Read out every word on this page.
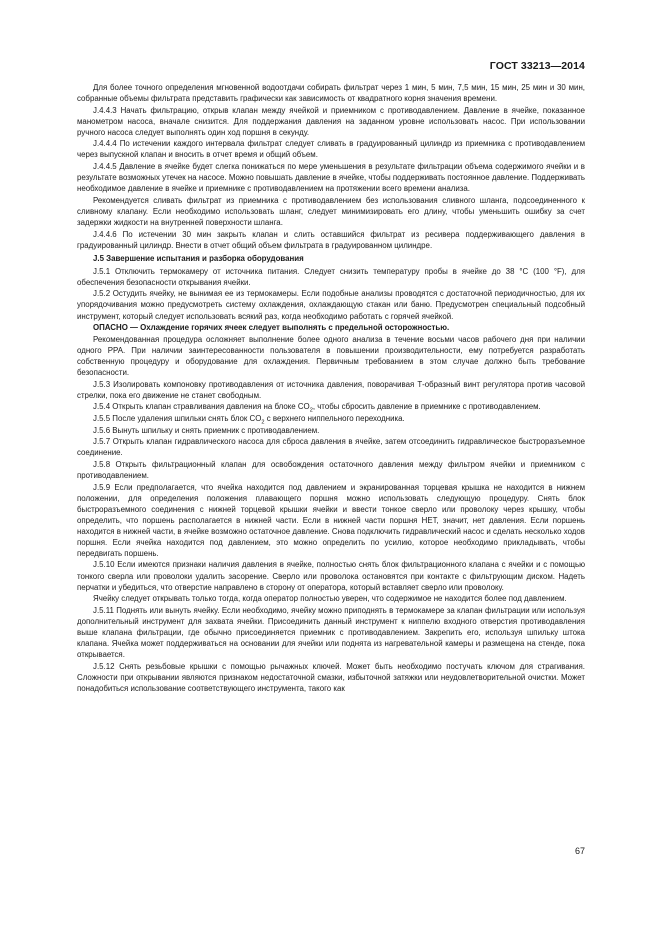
ГОСТ 33213—2014

Для более точного определения мгновенной водоотдачи собирать фильтрат через 1 мин, 5 мин, 7,5 мин, 15 мин, 25 мин и 30 мин, собранные объемы фильтрата представить графически как зависимость от квадратного корня значения времени.

J.4.4.3 Начать фильтрацию, открыв клапан между ячейкой и приемником с противодавлением. Давление в ячейке, показанное манометром насоса, вначале снизится. Для поддержания давления на заданном уровне использовать насос. При использовании ручного насоса следует выполнять один ход поршня в секунду.

J.4.4.4 По истечении каждого интервала фильтрат следует сливать в градуированный цилиндр из приемника с противодавлением через выпускной клапан и вносить в отчет время и общий объем.

J.4.4.5 Давление в ячейке будет слегка понижаться по мере уменьшения в результате фильтрации объема содержимого ячейки и в результате возможных утечек на насосе. Можно повышать давление в ячейке, чтобы поддерживать постоянное давление. Поддерживать необходимое давление в ячейке и приемнике с противодавлением на протяжении всего времени анализа.

Рекомендуется сливать фильтрат из приемника с противодавлением без использования сливного шланга, подсоединенного к сливному клапану. Если необходимо использовать шланг, следует минимизировать его длину, чтобы уменьшить ошибку за счет задержки жидкости на внутренней поверхности шланга.

J.4.4.6 По истечении 30 мин закрыть клапан и слить оставшийся фильтрат из ресивера поддерживающего давления в градуированный цилиндр. Внести в отчет общий объем фильтрата в градуированном цилиндре.

J.5 Завершение испытания и разборка оборудования

J.5.1 Отключить термокамеру от источника питания. Следует снизить температуру пробы в ячейке до 38 °С (100 °F), для обеспечения безопасности открывания ячейки.

J.5.2 Остудить ячейку, не вынимая ее из термокамеры. Если подобные анализы проводятся с достаточной периодичностью, для их упорядочивания можно предусмотреть систему охлаждения, охлаждающую стакан или баню. Предусмотрен специальный подсобный инструмент, который следует использовать всякий раз, когда необходимо работать с горячей ячейкой.

ОПАСНО — Охлаждение горячих ячеек следует выполнять с предельной осторожностью.

Рекомендованная процедура осложняет выполнение более одного анализа в течение восьми часов рабочего дня при наличии одного РРА. При наличии заинтересованности пользователя в повышении производительности, ему потребуется разработать собственную процедуру и оборудование для охлаждения. Первичным требованием в этом случае должно быть требование безопасности.

J.5.3 Изолировать компоновку противодавления от источника давления, поворачивая Т-образный винт регулятора против часовой стрелки, пока его движение не станет свободным.

J.5.4 Открыть клапан стравливания давления на блоке $CO_2$, чтобы сбросить давление в приемнике с противодавлением.

J.5.5 После удаления шпильки снять блок $CO_2$ с верхнего ниппельного переходника.

J.5.6 Вынуть шпильку и снять приемник с противодавлением.

J.5.7 Открыть клапан гидравлического насоса для сброса давления в ячейке, затем отсоединить гидравлическое быстроразъемное соединение.

J.5.8 Открыть фильтрационный клапан для освобождения остаточного давления между фильтром ячейки и приемником с противодавлением.

J.5.9 Если предполагается, что ячейка находится под давлением и экранированная торцевая крышка не находится в нижнем положении, для определения положения плавающего поршня можно использовать следующую процедуру. Снять блок быстроразъемного соединения с нижней торцевой крышки ячейки и ввести тонкое сверло или проволоку через крышку, чтобы определить, что поршень располагается в нижней части. Если в нижней части поршня НЕТ, значит, нет давления. Если поршень находится в нижней части, в ячейке возможно остаточное давление. Снова подключить гидравлический насос и сделать несколько ходов поршня. Если ячейка находится под давлением, это можно определить по усилию, которое необходимо прикладывать, чтобы передвигать поршень.

J.5.10 Если имеются признаки наличия давления в ячейке, полностью снять блок фильтрационного клапана с ячейки и с помощью тонкого сверла или проволоки удалить засорение. Сверло или проволока остановятся при контакте с фильтрующим диском. Надеть перчатки и убедиться, что отверстие направлено в сторону от оператора, который вставляет сверло или проволоку.

Ячейку следует открывать только тогда, когда оператор полностью уверен, что содержимое не находится более под давлением.

J.5.11 Поднять или вынуть ячейку. Если необходимо, ячейку можно приподнять в термокамере за клапан фильтрации или используя дополнительный инструмент для захвата ячейки. Присоединить данный инструмент к ниппелю входного отверстия противодавления выше клапана фильтрации, где обычно присоединяется приемник с противодавлением. Закрепить его, используя шпильку штока клапана. Ячейка может поддерживаться на основании для ячейки или поднята из нагревательной камеры и размещена на стенде, пока открывается.

J.5.12 Снять резьбовые крышки с помощью рычажных ключей. Может быть необходимо постучать ключом для страгивания. Сложности при открывании являются признаком недостаточной смазки, избыточной затяжки или неудовлетворительной очистки. Может понадобиться использование соответствующего инструмента, такого как

67
